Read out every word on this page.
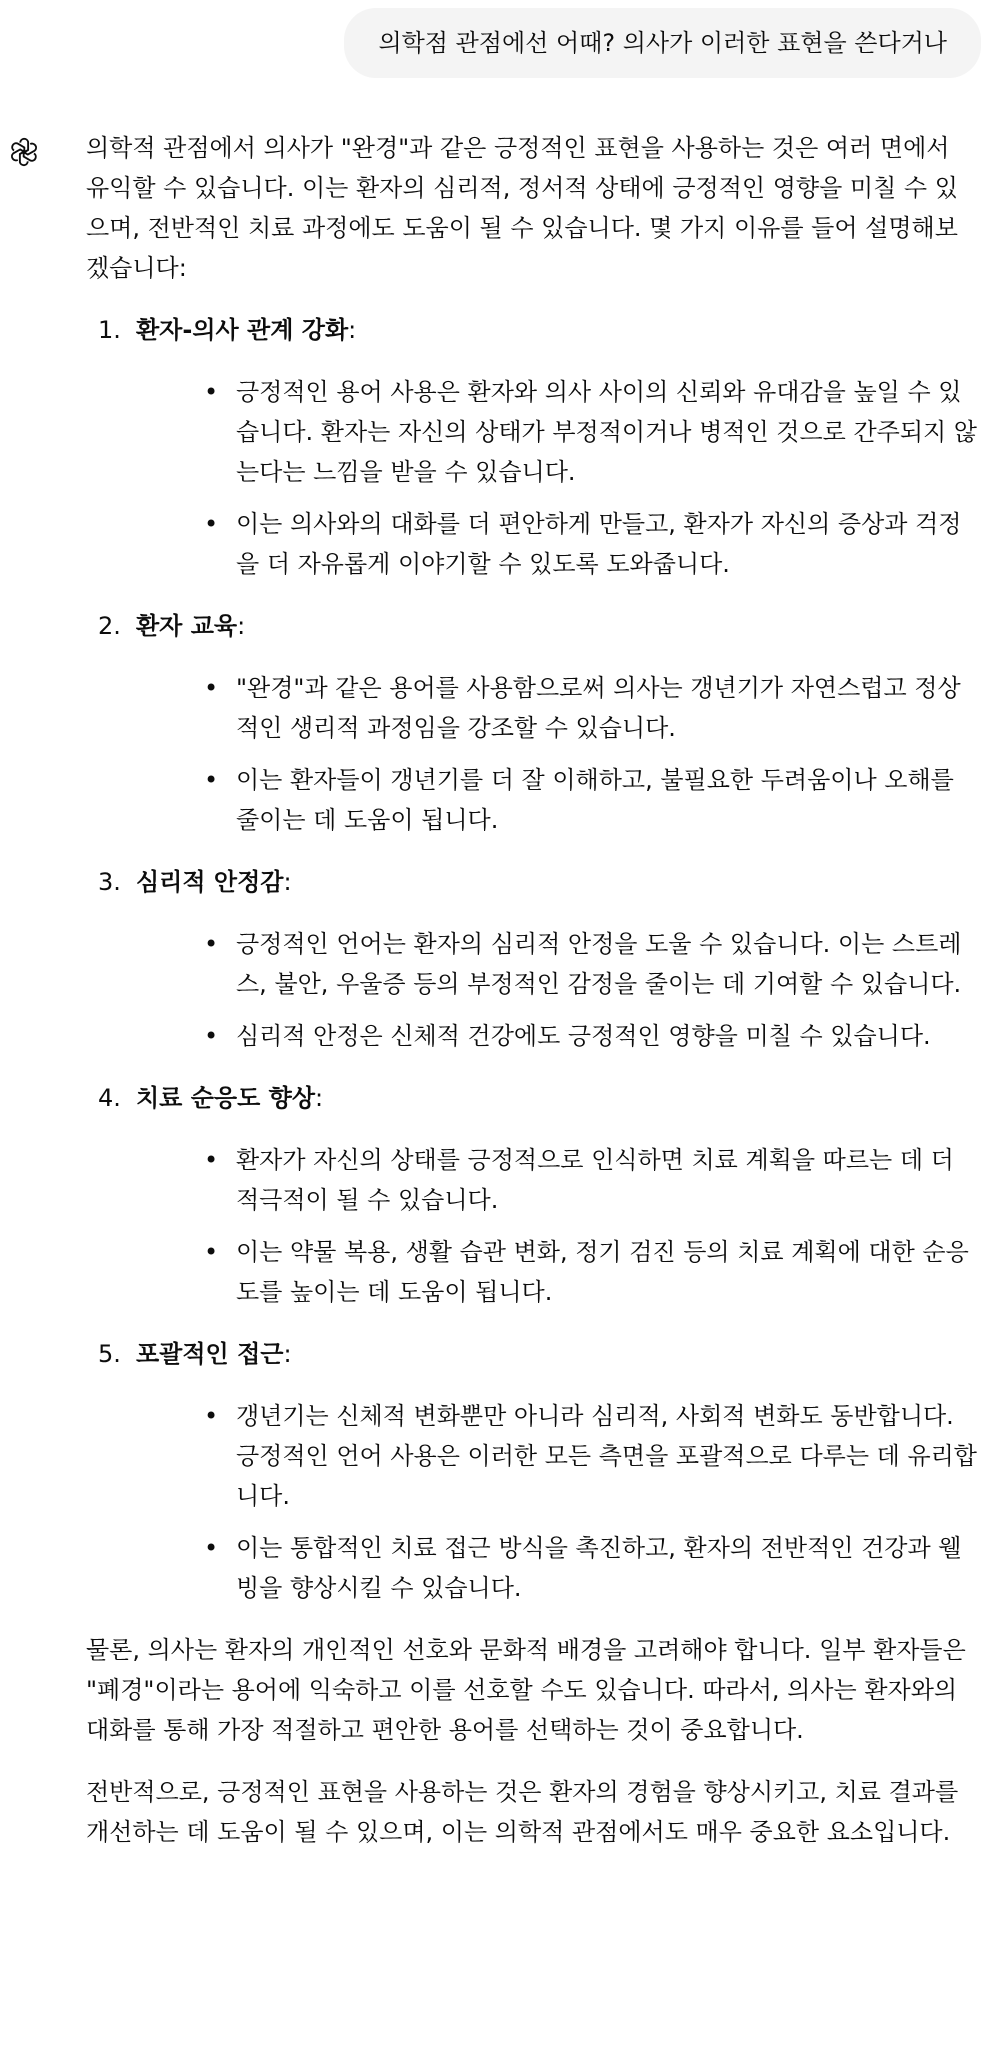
의학점 관점에선 어때? 의사가 이러한 표현을 쓴다거나

의학적 관점에서 의사가 "완경"과 같은 긍정적인 표현을 사용하는 것은 여러 면에서 유익할 수 있습니다. 이는 환자의 심리적, 정서적 상태에 긍정적인 영향을 미칠 수 있으며, 전반적인 치료 과정에도 도움이 될 수 있습니다. 몇 가지 이유를 들어 설명해보겠습니다:

1. 환자-의사 관계 강화:
• 긍정적인 용어 사용은 환자와 의사 사이의 신뢰와 유대감을 높일 수 있습니다. 환자는 자신의 상태가 부정적이거나 병적인 것으로 간주되지 않는다는 느낌을 받을 수 있습니다.
• 이는 의사와의 대화를 더 편안하게 만들고, 환자가 자신의 증상과 걱정을 더 자유롭게 이야기할 수 있도록 도와줍니다.
2. 환자 교육:
• "완경"과 같은 용어를 사용함으로써 의사는 갱년기가 자연스럽고 정상적인 생리적 과정임을 강조할 수 있습니다.
• 이는 환자들이 갱년기를 더 잘 이해하고, 불필요한 두려움이나 오해를 줄이는 데 도움이 됩니다.
3. 심리적 안정감:
• 긍정적인 언어는 환자의 심리적 안정을 도울 수 있습니다. 이는 스트레스, 불안, 우울증 등의 부정적인 감정을 줄이는 데 기여할 수 있습니다.
• 심리적 안정은 신체적 건강에도 긍정적인 영향을 미칠 수 있습니다.
4. 치료 순응도 향상:
• 환자가 자신의 상태를 긍정적으로 인식하면 치료 계획을 따르는 데 더 적극적이 될 수 있습니다.
• 이는 약물 복용, 생활 습관 변화, 정기 검진 등의 치료 계획에 대한 순응도를 높이는 데 도움이 됩니다.
5. 포괄적인 접근:
• 갱년기는 신체적 변화뿐만 아니라 심리적, 사회적 변화도 동반합니다. 긍정적인 언어 사용은 이러한 모든 측면을 포괄적으로 다루는 데 유리합니다.
• 이는 통합적인 치료 접근 방식을 촉진하고, 환자의 전반적인 건강과 웰빙을 향상시킬 수 있습니다.

물론, 의사는 환자의 개인적인 선호와 문화적 배경을 고려해야 합니다. 일부 환자들은 "폐경"이라는 용어에 익숙하고 이를 선호할 수도 있습니다. 따라서, 의사는 환자와의 대화를 통해 가장 적절하고 편안한 용어를 선택하는 것이 중요합니다.

전반적으로, 긍정적인 표현을 사용하는 것은 환자의 경험을 향상시키고, 치료 결과를 개선하는 데 도움이 될 수 있으며, 이는 의학적 관점에서도 매우 중요한 요소입니다.
